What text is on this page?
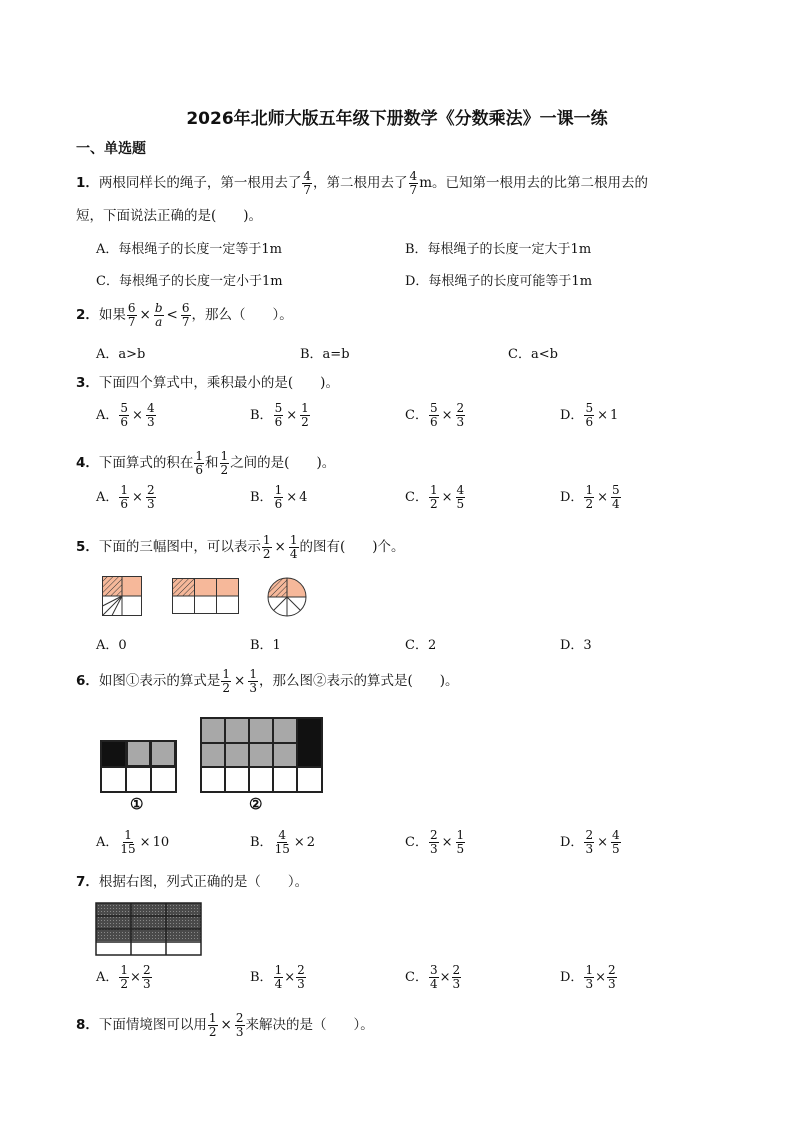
2026年北师大版五年级下册数学《分数乘法》一课一练
一、单选题
1．两根同样长的绳子，第一根用去了 $\frac{4}{7}$ ，第二根用去了 $\frac{4}{7}$ m。已知第一根用去的比第二根用去的
短，下面说法正确的是(　　)。
A．每根绳子的长度一定等于1m	B．每根绳子的长度一定大于1m
C．每根绳子的长度一定小于1m	D．每根绳子的长度可能等于1m
2．如果 $\frac{6}{7} \times \frac{b}{a} < \frac{6}{7}$ ，那么（　　）。
A．a>b	B．a=b	C．a<b
3．下面四个算式中，乘积最小的是(　　)。
A． $\frac{5}{6} \times \frac{4}{3}$	B． $\frac{5}{6} \times \frac{1}{2}$	C． $\frac{5}{6} \times \frac{2}{3}$	D． $\frac{5}{6} \times 1$
4．下面算式的积在 $\frac{1}{6}$ 和 $\frac{1}{2}$ 之间的是(　　)。
A． $\frac{1}{6} \times \frac{2}{3}$	B． $\frac{1}{6} \times 4$	C． $\frac{1}{2} \times \frac{4}{5}$	D． $\frac{1}{2} \times \frac{5}{4}$
5．下面的三幅图中，可以表示 $\frac{1}{2} \times \frac{1}{4}$ 的图有(　　)个。
A．0	B．1	C．2	D．3
6．如图①表示的算式是 $\frac{1}{2} \times \frac{1}{3}$ ，那么图②表示的算式是(　　)。
①	②
A． $\frac{1}{15} \times 10$	B． $\frac{4}{15} \times 2$	C． $\frac{2}{3} \times \frac{1}{5}$	D． $\frac{2}{3} \times \frac{4}{5}$
7．根据右图，列式正确的是（　　）。
A． $\frac{1}{2} \times \frac{2}{3}$	B． $\frac{1}{4} \times \frac{2}{3}$	C． $\frac{3}{4} \times \frac{2}{3}$	D． $\frac{1}{3} \times \frac{2}{3}$
8．下面情境图可以用 $\frac{1}{2} \times \frac{2}{3}$ 来解决的是（　　）。
